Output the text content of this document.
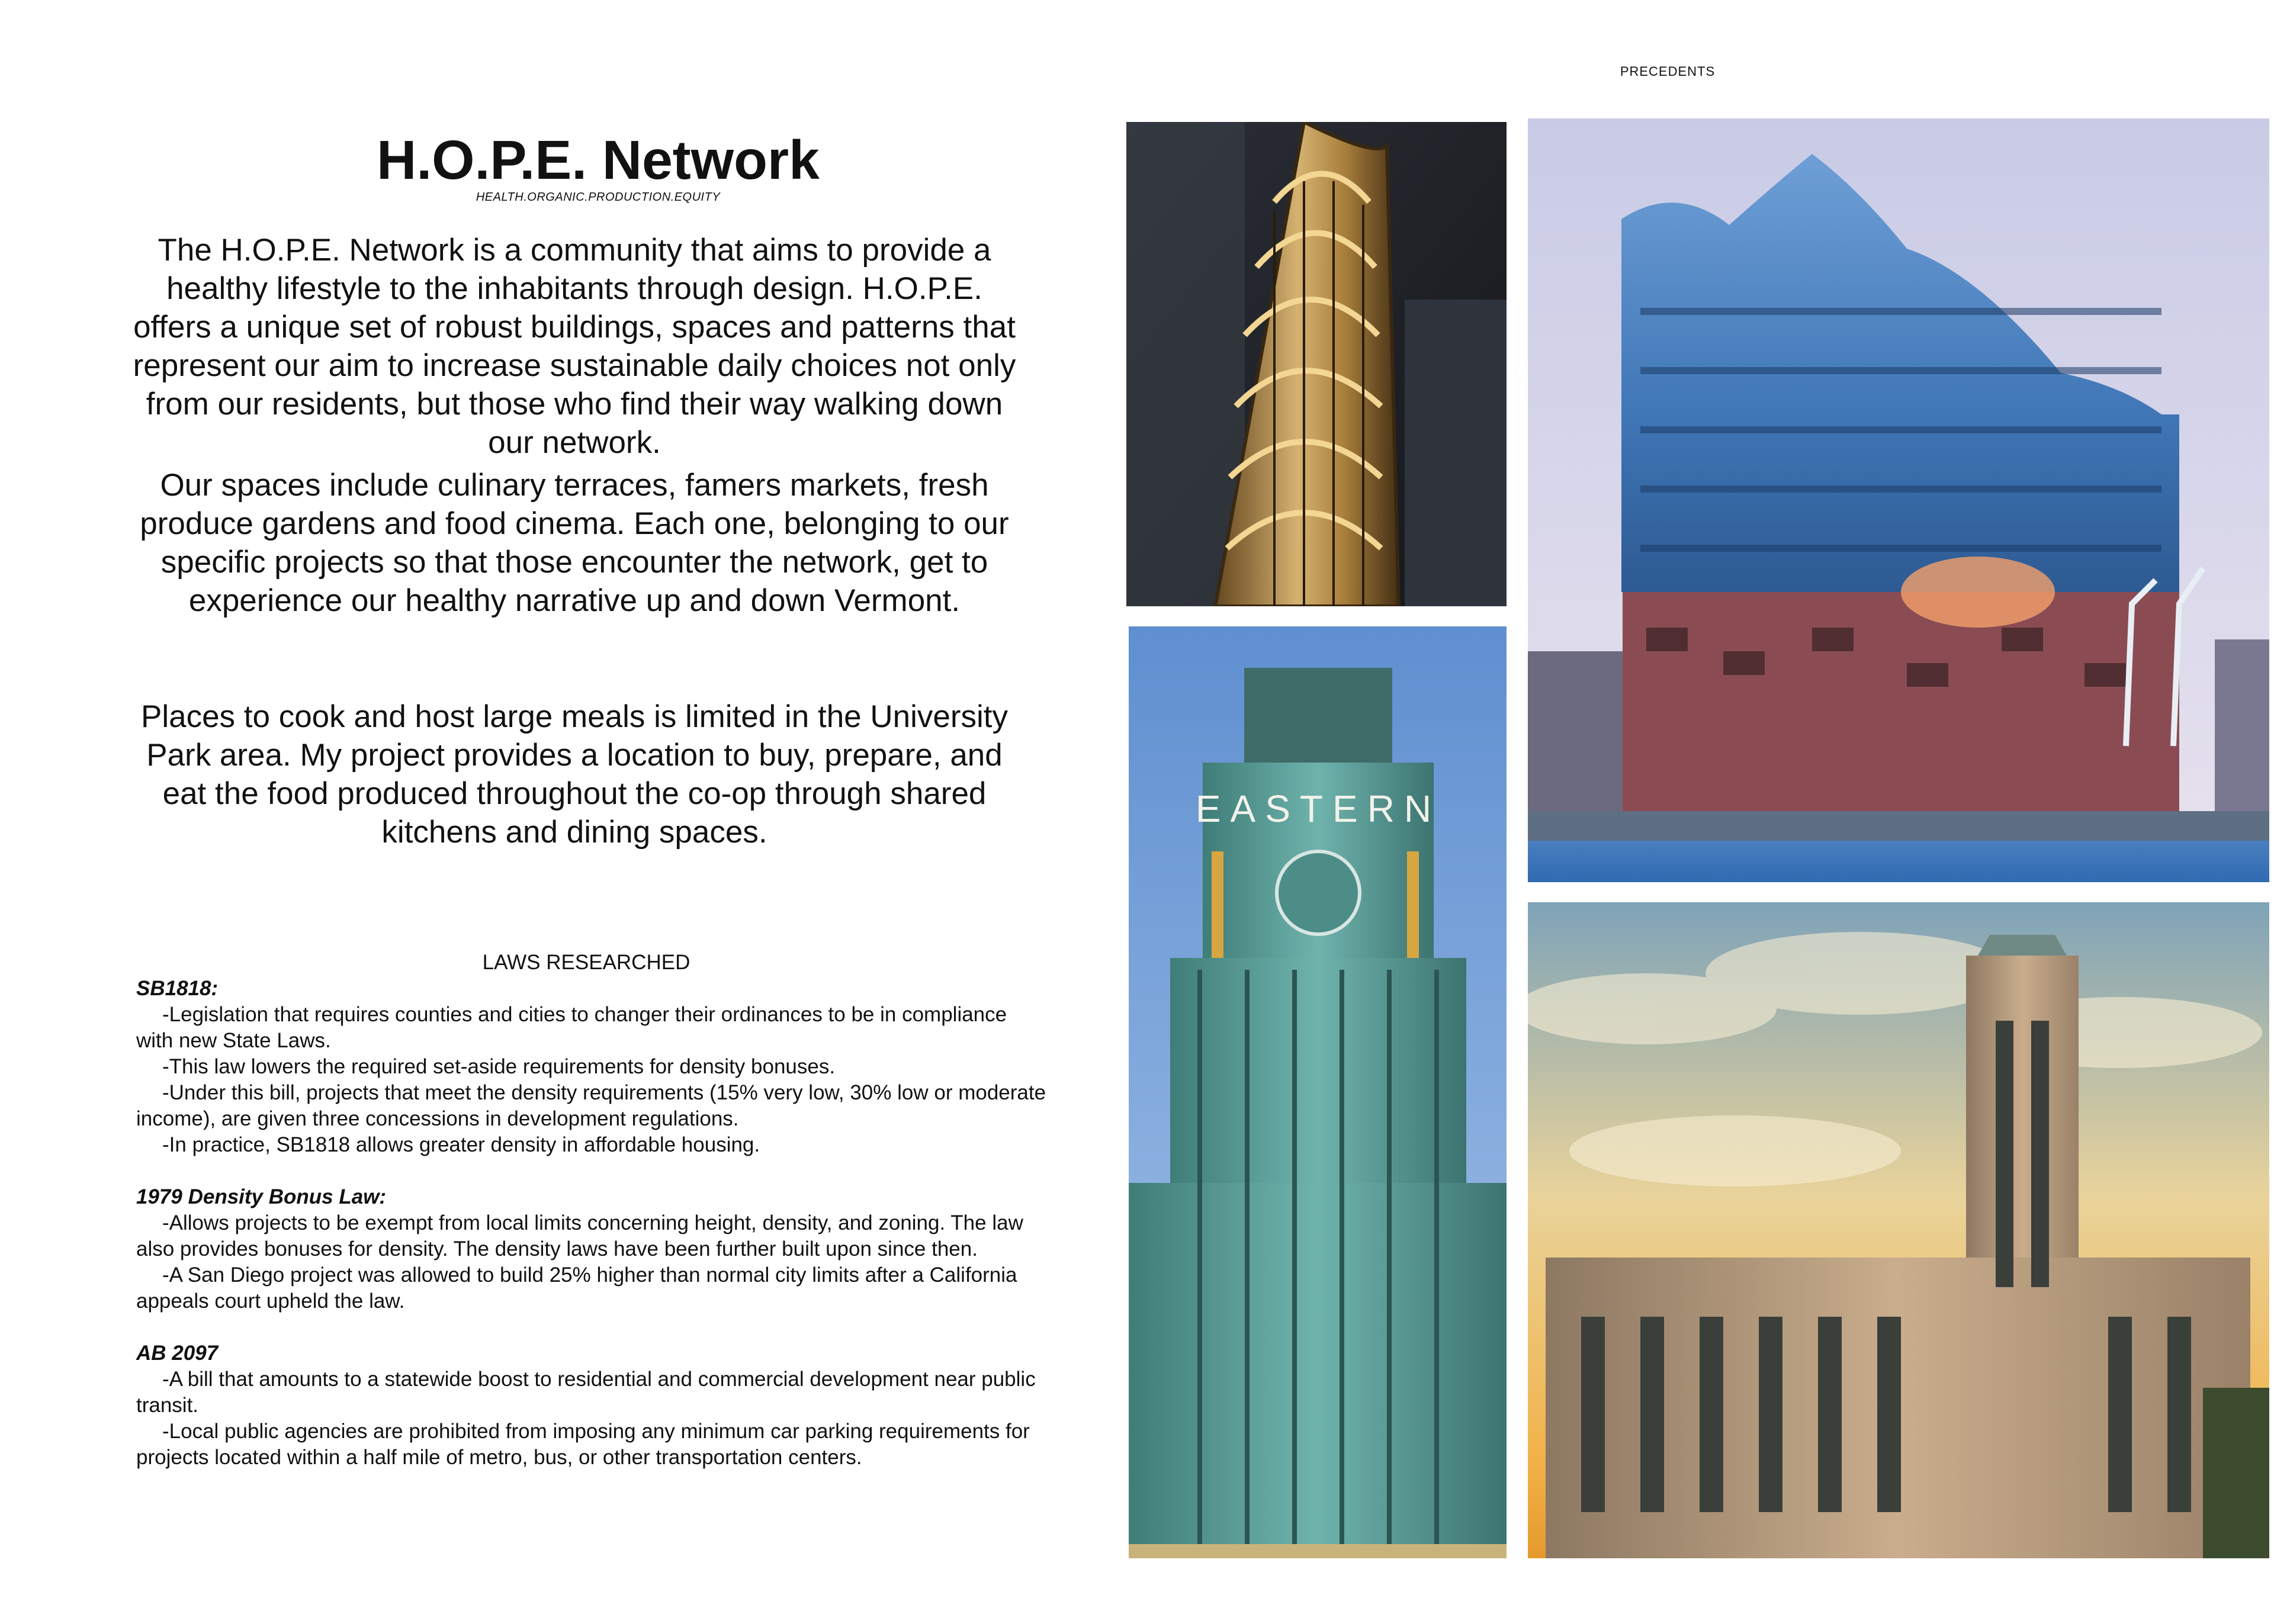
PRECEDENTS
H.O.P.E. Network
HEALTH.ORGANIC.PRODUCTION.EQUITY

The H.O.P.E. Network is a community that aims to provide a healthy lifestyle to the inhabitants through design. H.O.P.E. offers a unique set of robust buildings, spaces and patterns that represent our aim to increase sustainable daily choices not only from our residents, but those who find their way walking down our network.

Our spaces include culinary terraces, famers markets, fresh produce gardens and food cinema. Each one, belonging to our specific projects so that those encounter the network, get to experience our healthy narrative up and down Vermont.

Places to cook and host large meals is limited in the University Park area. My project provides a location to buy, prepare, and eat the food produced throughout the co-op through shared kitchens and dining spaces.

LAWS RESEARCHED
SB1818:

-Legislation that requires counties and cities to changer their ordinances to be in compliance with new State Laws.

-This law lowers the required set-aside requirements for density bonuses.

-Under this bill, projects that meet the density requirements (15% very low, 30% low or moderate income), are given three concessions in development regulations.

-In practice, SB1818 allows greater density in affordable housing.

1979 Density Bonus Law:

-Allows projects to be exempt from local limits concerning height, density, and zoning. The law also provides bonuses for density. The density laws have been further built upon since then.

-A San Diego project was allowed to build 25% higher than normal city limits after a California appeals court upheld the law.

AB 2097

-A bill that amounts to a statewide boost to residential and commercial development near public transit.

-Local public agencies are prohibited from imposing any minimum car parking requirements for projects located within a half mile of metro, bus, or other transportation centers.

EASTERN
